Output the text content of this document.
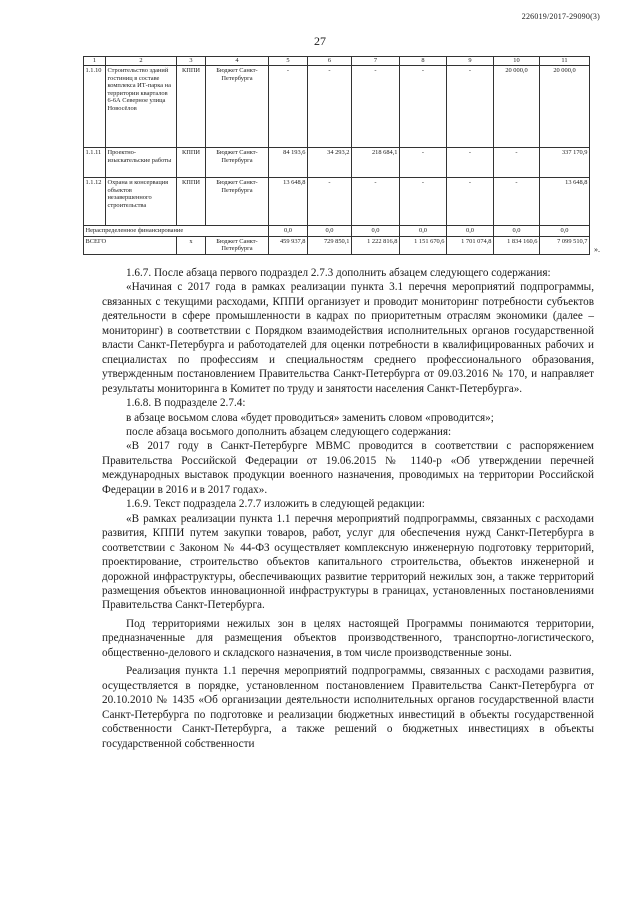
226019/2017-29090(3)
27
1	2	3	4	5	6	7	8	9	10	11
1.1.10	Строительство зданий гостиниц в составе комплекса ИТ-парка на территории кварталов 6-6А Северное улица Новосёлов	КППИ	Бюджет Санкт-Петербурга	-	-	-	-	-	20 000,0	20 000,0
1.1.11	Проектно-изыскательские работы	КППИ	Бюджет Санкт-Петербурга	84 193,6	34 293,2	218 684,1	-	-	-	337 170,9
1.1.12	Охрана и консервация объектов незавершенного строительства	КППИ	Бюджет Санкт-Петербурга	13 648,8	-	-	-	-	-	13 648,8
Нераспределенное финансирование				0,0	0,0	0,0	0,0	0,0	0,0	0,0
ВСЕГО		х	Бюджет Санкт-Петербурга	459 937,8	729 850,1	1 222 816,8	1 151 670,6	1 701 074,8	1 834 160,6	7 099 510,7
».

1.6.7. После абзаца первого подраздел 2.7.3 дополнить абзацем следующего содержания:

«Начиная с 2017 года в рамках реализации пункта 3.1 перечня мероприятий подпрограммы, связанных с текущими расходами, КППИ организует и проводит мониторинг потребности субъектов деятельности в сфере промышленности в кадрах по приоритетным отраслям экономики (далее – мониторинг) в соответствии с Порядком взаимодействия исполнительных органов государственной власти Санкт-Петербурга и работодателей для оценки потребности в квалифицированных рабочих и специалистах по профессиям и специальностям среднего профессионального образования, утвержденным постановлением Правительства Санкт-Петербурга от 09.03.2016 № 170, и направляет результаты мониторинга в Комитет по труду и занятости населения Санкт-Петербурга».

1.6.8. В подразделе 2.7.4:

в абзаце восьмом слова «будет проводиться» заменить словом «проводится»;

после абзаца восьмого дополнить абзацем следующего содержания:

«В 2017 году в Санкт-Петербурге МВМС проводится в соответствии с распоряжением Правительства Российской Федерации от 19.06.2015 № 1140-р «Об утверждении перечней международных выставок продукции военного назначения, проводимых на территории Российской Федерации в 2016 и в 2017 годах».

1.6.9. Текст подраздела 2.7.7 изложить в следующей редакции:

«В рамках реализации пункта 1.1 перечня мероприятий подпрограммы, связанных с расходами развития, КППИ путем закупки товаров, работ, услуг для обеспечения нужд Санкт-Петербурга в соответствии с Законом № 44-ФЗ осуществляет комплексную инженерную подготовку территорий, проектирование, строительство объектов капитального строительства, объектов инженерной и дорожной инфраструктуры, обеспечивающих развитие территорий нежилых зон, а также территорий размещения объектов инновационной инфраструктуры в границах, установленных постановлениями Правительства Санкт-Петербурга.

Под территориями нежилых зон в целях настоящей Программы понимаются территории, предназначенные для размещения объектов производственного, транспортно-логистического, общественно-делового и складского назначения, в том числе производственные зоны.

Реализация пункта 1.1 перечня мероприятий подпрограммы, связанных с расходами развития, осуществляется в порядке, установленном постановлением Правительства Санкт-Петербурга от 20.10.2010 № 1435 «Об организации деятельности исполнительных органов государственной власти Санкт-Петербурга по подготовке и реализации бюджетных инвестиций в объекты государственной собственности Санкт-Петербурга, а также решений о бюджетных инвестициях в объекты государственной собственности
